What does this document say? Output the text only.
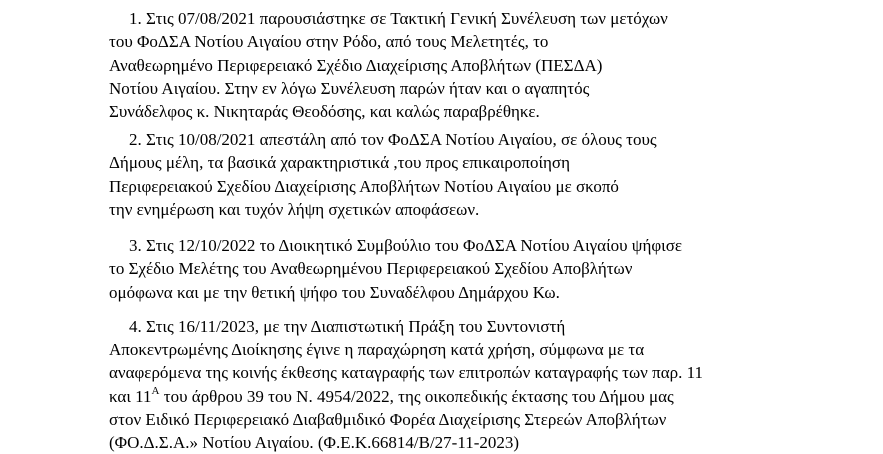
1. Στις 07/08/2021 παρουσιάστηκε σε Τακτική Γενική Συνέλευση των μετόχων
του ΦοΔΣΑ Νοτίου Αιγαίου στην Ρόδο, από τους Μελετητές, το
Αναθεωρημένο Περιφερειακό Σχέδιο Διαχείρισης Αποβλήτων (ΠΕΣΔΑ)
Νοτίου Αιγαίου. Στην εν λόγω Συνέλευση παρών ήταν και ο αγαπητός
Συνάδελφος κ. Νικηταράς Θεοδόσης, και καλώς παραβρέθηκε.
2. Στις 10/08/2021 απεστάλη από τον ΦοΔΣΑ Νοτίου Αιγαίου, σε όλους τους
Δήμους μέλη, τα βασικά χαρακτηριστικά ,του προς επικαιροποίηση
Περιφερειακού Σχεδίου Διαχείρισης Αποβλήτων Νοτίου Αιγαίου με σκοπό
την ενημέρωση και τυχόν λήψη σχετικών αποφάσεων.
3. Στις 12/10/2022 το Διοικητικό Συμβούλιο του ΦοΔΣΑ Νοτίου Αιγαίου ψήφισε
το Σχέδιο Μελέτης του Αναθεωρημένου Περιφερειακού Σχεδίου Αποβλήτων
ομόφωνα και με την θετική ψήφο του Συναδέλφου Δημάρχου Κω.
4. Στις 16/11/2023, με την Διαπιστωτική Πράξη του Συντονιστή
Αποκεντρωμένης Διοίκησης έγινε η παραχώρηση κατά χρήση, σύμφωνα με τα
αναφερόμενα της κοινής έκθεσης καταγραφής των επιτροπών καταγραφής των παρ. 11
και $11^A$ του άρθρου 39 του Ν. 4954/2022, της οικοπεδικής έκτασης του Δήμου μας
στον Ειδικό Περιφερειακό Διαβαθμιδικό Φορέα Διαχείρισης Στερεών Αποβλήτων
(ΦΟ.Δ.Σ.Α.» Νοτίου Αιγαίου. (Φ.Ε.Κ.66814/Β/27-11-2023)
